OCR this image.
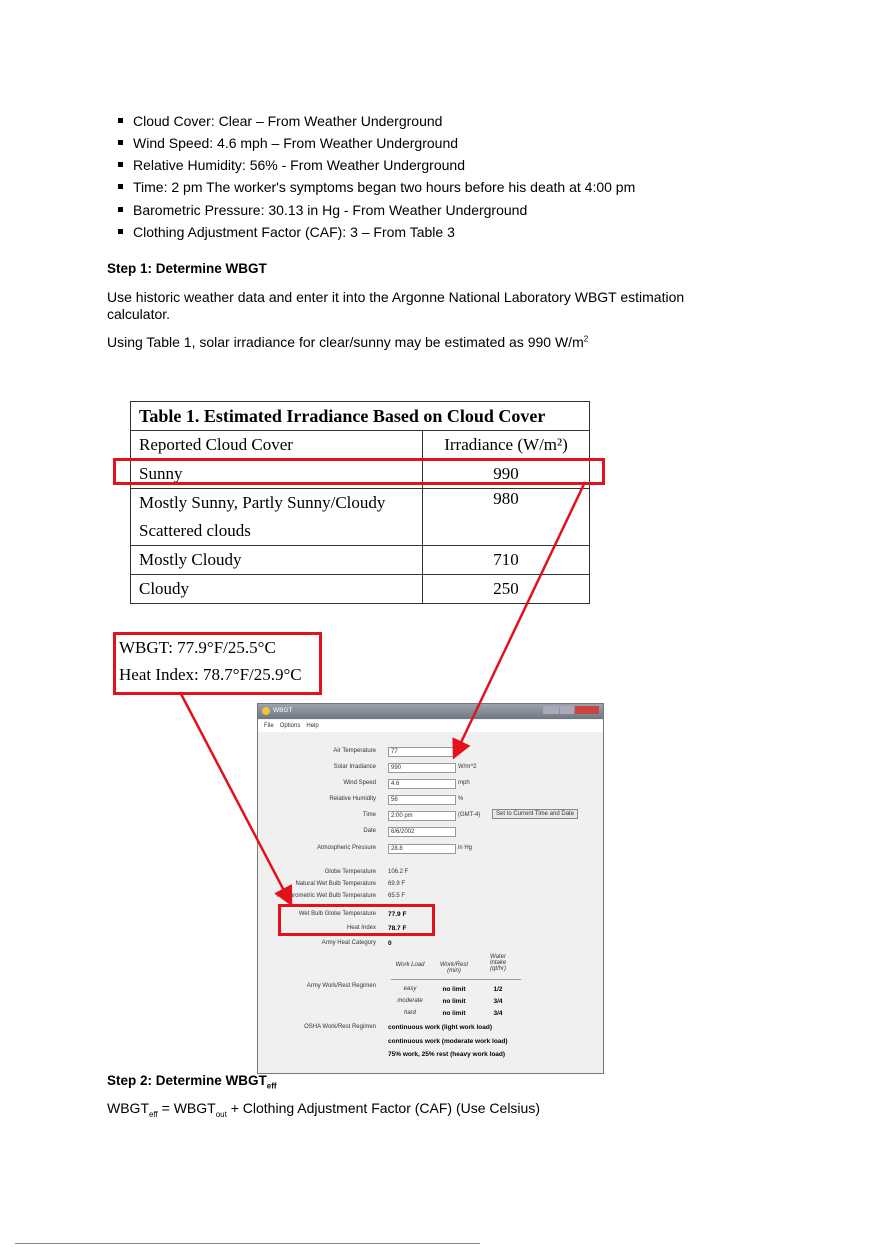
Cloud Cover: Clear – From Weather Underground
Wind Speed: 4.6 mph – From Weather Underground
Relative Humidity: 56% - From Weather Underground
Time: 2 pm The worker's symptoms began two hours before his death at 4:00 pm
Barometric Pressure: 30.13 in Hg - From Weather Underground
Clothing Adjustment Factor (CAF): 3 – From Table 3
Step 1: Determine WBGT
Use historic weather data and enter it into the Argonne National Laboratory WBGT estimation
calculator.
Using Table 1, solar irradiance for clear/sunny may be estimated as 990 $W/m^2$
Table 1. Estimated Irradiance Based on Cloud Cover	
Reported Cloud Cover	Irradiance (W/m²)
Sunny	990
Mostly Sunny, Partly Sunny/Cloudy	980
Scattered clouds	
Mostly Cloudy	710
Cloudy	250
WBGT: 77.9°F/25.5°C
Heat Index: 78.7°F/25.9°C
WBGT
File Options Help
Air Temperature	77
Solar Irradiance	990	W/m^2
Wind Speed	4.6	mph
Relative Humidity	56	%
Time	2:00 pm	(GMT-4)
Date	6/6/2002
Atmospheric Pressure	28.8	in Hg
Set to Current Time and Date
Globe Temperature 106.2 F
Natural Wet Bulb Temperature 69.9 F
Psychrometric Wet Bulb Temperature 65.5 F
Wet Bulb Globe Temperature 77.9 F
Heat Index 78.7 F
Army Heat Category 0
Army Work/Rest Regimen
Work Load	Work/Rest (min)
Water Intake (qt/hr)
easy	no limit	1/2
moderate	no limit	3/4
hard	no limit	3/4
OSHA Work/Rest Regimen continuous work (light work load)
continuous work (moderate work load)
75% work, 25% rest (heavy work load)
Step 2: Determine $WBGT_{eff}$
$WBGT_{eff}$ = $WBGT_{out}$ + Clothing Adjustment Factor (CAF) (Use Celsius)
